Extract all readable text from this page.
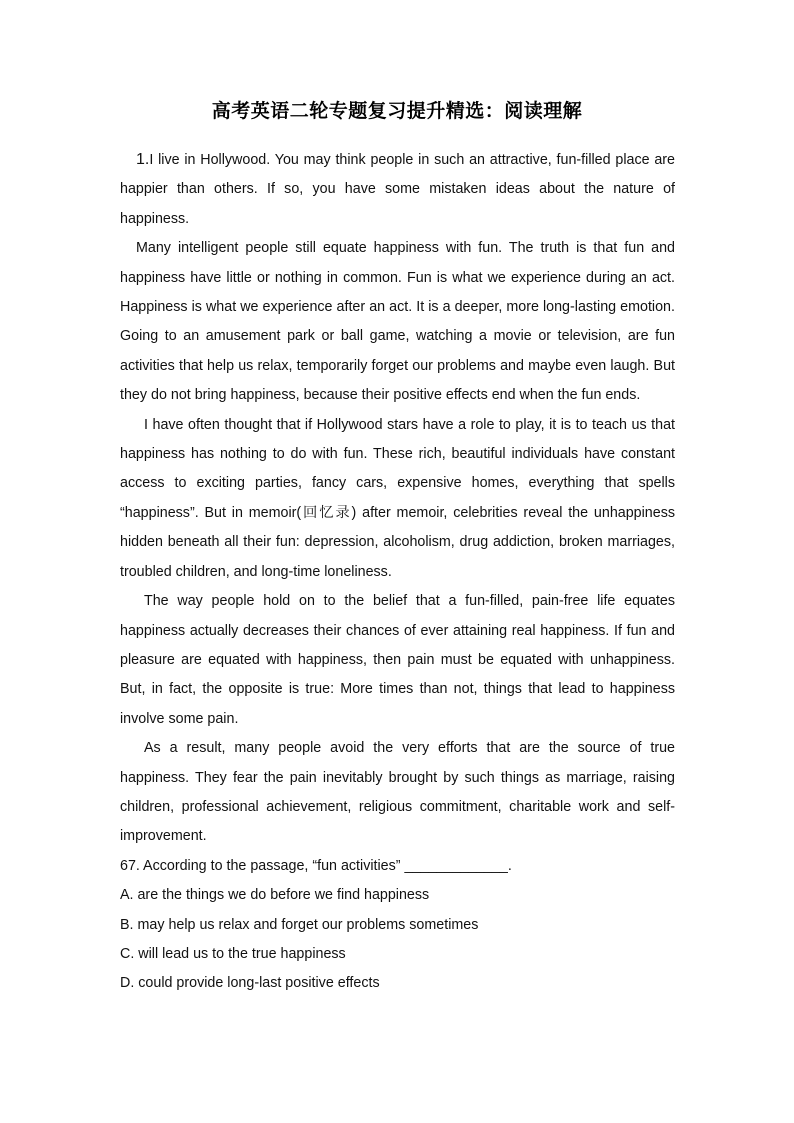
高考英语二轮专题复习提升精选：阅读理解

1.I live in Hollywood. You may think people in such an attractive, fun-filled place are happier than others. If so, you have some mistaken ideas about the nature of happiness.

Many intelligent people still equate happiness with fun. The truth is that fun and happiness have little or nothing in common. Fun is what we experience during an act. Happiness is what we experience after an act. It is a deeper, more long-lasting emotion. Going to an amusement park or ball game, watching a movie or television, are fun activities that help us relax, temporarily forget our problems and maybe even laugh. But they do not bring happiness, because their positive effects end when the fun ends.

I have often thought that if Hollywood stars have a role to play, it is to teach us that happiness has nothing to do with fun. These rich, beautiful individuals have constant access to exciting parties, fancy cars, expensive homes, everything that spells “happiness”. But in memoir(回忆录) after memoir, celebrities reveal the unhappiness hidden beneath all their fun: depression, alcoholism, drug addiction, broken marriages, troubled children, and long-time loneliness.

The way people hold on to the belief that a fun-filled, pain-free life equates happiness actually decreases their chances of ever attaining real happiness. If fun and pleasure are equated with happiness, then pain must be equated with unhappiness. But, in fact, the opposite is true: More times than not, things that lead to happiness involve some pain.

As a result, many people avoid the very efforts that are the source of true happiness. They fear the pain inevitably brought by such things as marriage, raising children, professional achievement, religious commitment, charitable work and self-improvement.

67. According to the passage, “fun activities” _____________.

A. are the things we do before we find happiness

B. may help us relax and forget our problems sometimes

C. will lead us to the true happiness

D. could provide long-last positive effects
